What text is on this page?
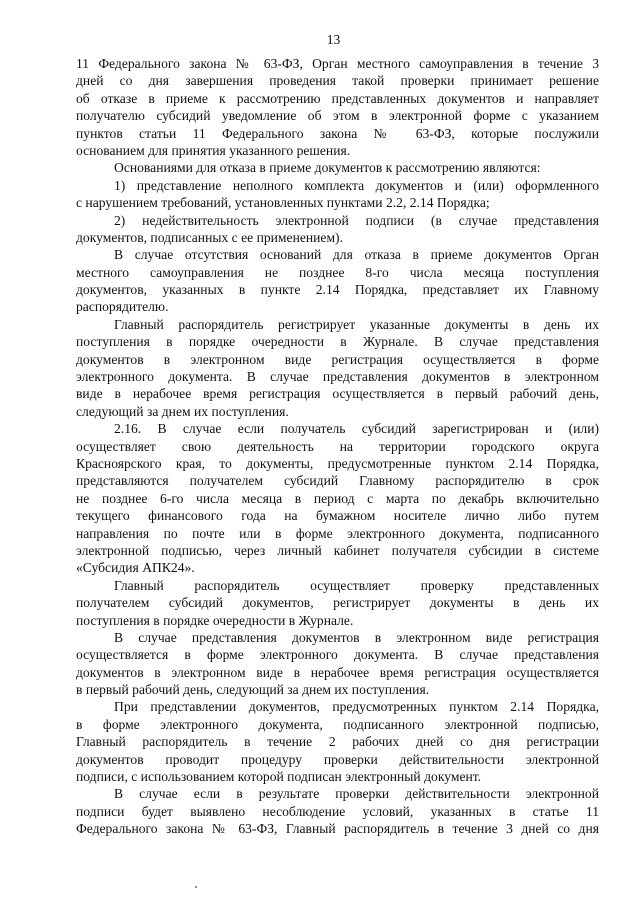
13
11 Федерального закона № 63-ФЗ, Орган местного самоуправления в течение 3
дней со дня завершения проведения такой проверки принимает решение
об отказе в приеме к рассмотрению представленных документов и направляет
получателю субсидий уведомление об этом в электронной форме с указанием
пунктов статьи 11 Федерального закона № 63-ФЗ, которые послужили
основанием для принятия указанного решения.
Основаниями для отказа в приеме документов к рассмотрению являются:
1) представление неполного комплекта документов и (или) оформленного
с нарушением требований, установленных пунктами 2.2, 2.14 Порядка;
2) недействительность электронной подписи (в случае представления
документов, подписанных с ее применением).
В случае отсутствия оснований для отказа в приеме документов Орган
местного самоуправления не позднее 8-го числа месяца поступления
документов, указанных в пункте 2.14 Порядка, представляет их Главному
распорядителю.
Главный распорядитель регистрирует указанные документы в день их
поступления в порядке очередности в Журнале. В случае представления
документов в электронном виде регистрация осуществляется в форме
электронного документа. В случае представления документов в электронном
виде в нерабочее время регистрация осуществляется в первый рабочий день,
следующий за днем их поступления.
2.16. В случае если получатель субсидий зарегистрирован и (или)
осуществляет свою деятельность на территории городского округа
Красноярского края, то документы, предусмотренные пунктом 2.14 Порядка,
представляются получателем субсидий Главному распорядителю в срок
не позднее 6-го числа месяца в период с марта по декабрь включительно
текущего финансового года на бумажном носителе лично либо путем
направления по почте или в форме электронного документа, подписанного
электронной подписью, через личный кабинет получателя субсидии в системе
«Субсидия АПК24».
Главный распорядитель осуществляет проверку представленных
получателем субсидий документов, регистрирует документы в день их
поступления в порядке очередности в Журнале.
В случае представления документов в электронном виде регистрация
осуществляется в форме электронного документа. В случае представления
документов в электронном виде в нерабочее время регистрация осуществляется
в первый рабочий день, следующий за днем их поступления.
При представлении документов, предусмотренных пунктом 2.14 Порядка,
в форме электронного документа, подписанного электронной подписью,
Главный распорядитель в течение 2 рабочих дней со дня регистрации
документов проводит процедуру проверки действительности электронной
подписи, с использованием которой подписан электронный документ.
В случае если в результате проверки действительности электронной
подписи будет выявлено несоблюдение условий, указанных в статье 11
Федерального закона № 63-ФЗ, Главный распорядитель в течение 3 дней со дня
